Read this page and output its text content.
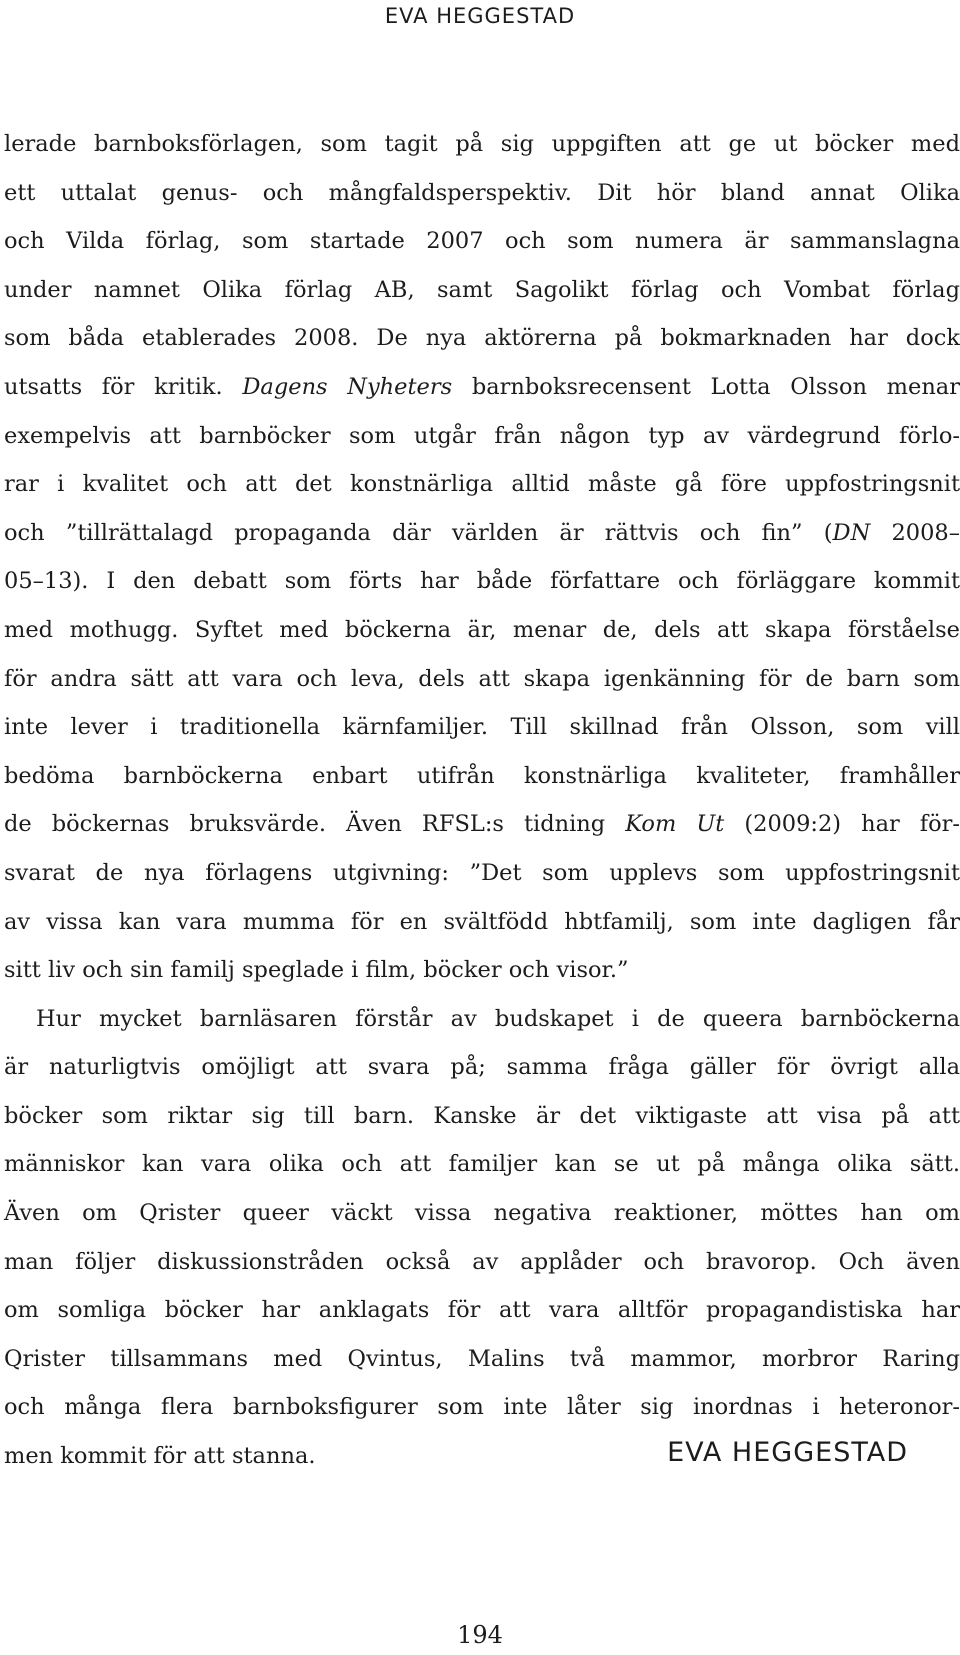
EVA HEGGESTAD
lerade barnboksförlagen, som tagit på sig uppgiften att ge ut böcker med
ett uttalat genus- och mångfaldsperspektiv. Dit hör bland annat Olika
och Vilda förlag, som startade 2007 och som numera är sammanslagna
under namnet Olika förlag AB, samt Sagolikt förlag och Vombat förlag
som båda etablerades 2008. De nya aktörerna på bokmarknaden har dock
utsatts för kritik. Dagens Nyheters barnboksrecensent Lotta Olsson menar
exempelvis att barnböcker som utgår från någon typ av värdegrund förlo-
rar i kvalitet och att det konstnärliga alltid måste gå före uppfostringsnit
och ”tillrättalagd propaganda där världen är rättvis och fin” (DN 2008–
05–13). I den debatt som förts har både författare och förläggare kommit
med mothugg. Syftet med böckerna är, menar de, dels att skapa förståelse
för andra sätt att vara och leva, dels att skapa igenkänning för de barn som
inte lever i traditionella kärnfamiljer. Till skillnad från Olsson, som vill
bedöma barnböckerna enbart utifrån konstnärliga kvaliteter, framhåller
de böckernas bruksvärde. Även RFSL:s tidning Kom Ut (2009:2) har för-
svarat de nya förlagens utgivning: ”Det som upplevs som uppfostringsnit
av vissa kan vara mumma för en svältfödd hbtfamilj, som inte dagligen får
sitt liv och sin familj speglade i film, böcker och visor.”
Hur mycket barnläsaren förstår av budskapet i de queera barnböckerna
är naturligtvis omöjligt att svara på; samma fråga gäller för övrigt alla
böcker som riktar sig till barn. Kanske är det viktigaste att visa på att
människor kan vara olika och att familjer kan se ut på många olika sätt.
Även om Qrister queer väckt vissa negativa reaktioner, möttes han om
man följer diskussionstråden också av applåder och bravorop. Och även
om somliga böcker har anklagats för att vara alltför propagandistiska har
Qrister tillsammans med Qvintus, Malins två mammor, morbror Raring
och många flera barnboksfigurer som inte låter sig inordnas i heteronor-
men kommit för att stanna.	EVA HEGGESTAD
194
